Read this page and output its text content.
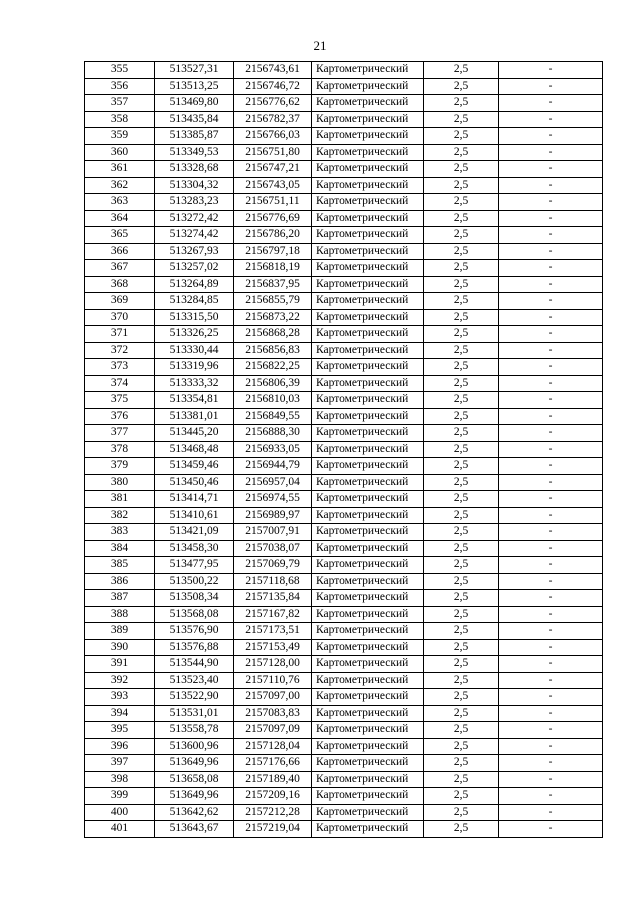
21
355	513527,31	2156743,61	Картометрический	2,5	-
356	513513,25	2156746,72	Картометрический	2,5	-
357	513469,80	2156776,62	Картометрический	2,5	-
358	513435,84	2156782,37	Картометрический	2,5	-
359	513385,87	2156766,03	Картометрический	2,5	-
360	513349,53	2156751,80	Картометрический	2,5	-
361	513328,68	2156747,21	Картометрический	2,5	-
362	513304,32	2156743,05	Картометрический	2,5	-
363	513283,23	2156751,11	Картометрический	2,5	-
364	513272,42	2156776,69	Картометрический	2,5	-
365	513274,42	2156786,20	Картометрический	2,5	-
366	513267,93	2156797,18	Картометрический	2,5	-
367	513257,02	2156818,19	Картометрический	2,5	-
368	513264,89	2156837,95	Картометрический	2,5	-
369	513284,85	2156855,79	Картометрический	2,5	-
370	513315,50	2156873,22	Картометрический	2,5	-
371	513326,25	2156868,28	Картометрический	2,5	-
372	513330,44	2156856,83	Картометрический	2,5	-
373	513319,96	2156822,25	Картометрический	2,5	-
374	513333,32	2156806,39	Картометрический	2,5	-
375	513354,81	2156810,03	Картометрический	2,5	-
376	513381,01	2156849,55	Картометрический	2,5	-
377	513445,20	2156888,30	Картометрический	2,5	-
378	513468,48	2156933,05	Картометрический	2,5	-
379	513459,46	2156944,79	Картометрический	2,5	-
380	513450,46	2156957,04	Картометрический	2,5	-
381	513414,71	2156974,55	Картометрический	2,5	-
382	513410,61	2156989,97	Картометрический	2,5	-
383	513421,09	2157007,91	Картометрический	2,5	-
384	513458,30	2157038,07	Картометрический	2,5	-
385	513477,95	2157069,79	Картометрический	2,5	-
386	513500,22	2157118,68	Картометрический	2,5	-
387	513508,34	2157135,84	Картометрический	2,5	-
388	513568,08	2157167,82	Картометрический	2,5	-
389	513576,90	2157173,51	Картометрический	2,5	-
390	513576,88	2157153,49	Картометрический	2,5	-
391	513544,90	2157128,00	Картометрический	2,5	-
392	513523,40	2157110,76	Картометрический	2,5	-
393	513522,90	2157097,00	Картометрический	2,5	-
394	513531,01	2157083,83	Картометрический	2,5	-
395	513558,78	2157097,09	Картометрический	2,5	-
396	513600,96	2157128,04	Картометрический	2,5	-
397	513649,96	2157176,66	Картометрический	2,5	-
398	513658,08	2157189,40	Картометрический	2,5	-
399	513649,96	2157209,16	Картометрический	2,5	-
400	513642,62	2157212,28	Картометрический	2,5	-
401	513643,67	2157219,04	Картометрический	2,5	-
